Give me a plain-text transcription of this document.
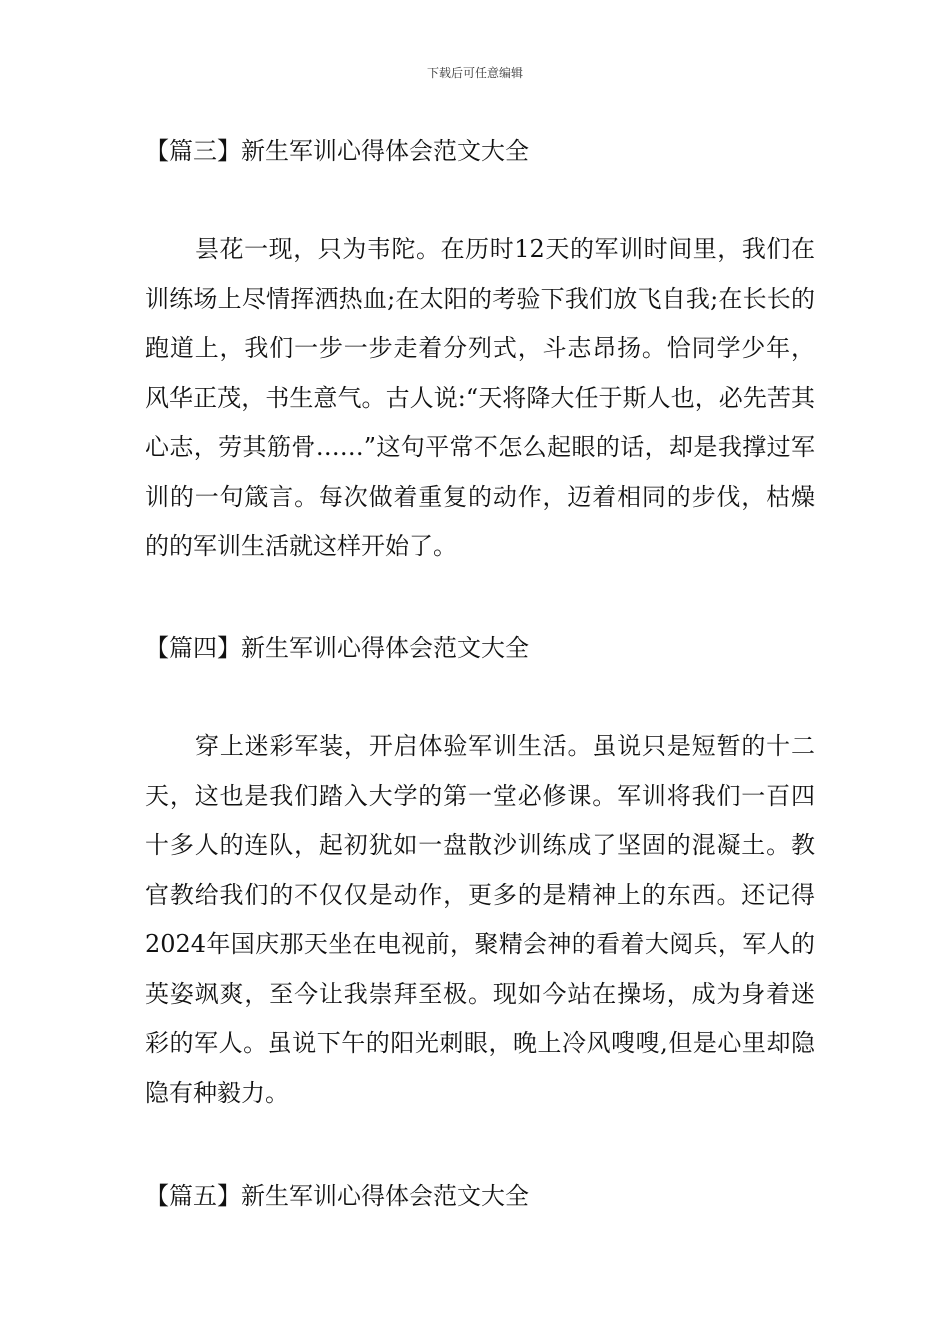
下载后可任意编辑
【篇三】新生军训心得体会范文大全
昙花一现，只为韦陀。在历时12天的军训时间里，我们在训练场上尽情挥洒热血;在太阳的考验下我们放飞自我;在长长的跑道上，我们一步一步走着分列式，斗志昂扬。恰同学少年，风华正茂，书生意气。古人说:“天将降大任于斯人也，必先苦其心志，劳其筋骨……”这句平常不怎么起眼的话，却是我撑过军训的一句箴言。每次做着重复的动作，迈着相同的步伐，枯燥的的军训生活就这样开始了。
【篇四】新生军训心得体会范文大全
穿上迷彩军装，开启体验军训生活。虽说只是短暂的十二天，这也是我们踏入大学的第一堂必修课。军训将我们一百四十多人的连队，起初犹如一盘散沙训练成了坚固的混凝土。教官教给我们的不仅仅是动作，更多的是精神上的东西。还记得2024年国庆那天坐在电视前，聚精会神的看着大阅兵，军人的英姿飒爽，至今让我崇拜至极。现如今站在操场，成为身着迷彩的军人。虽说下午的阳光刺眼，晚上冷风嗖嗖,但是心里却隐隐有种毅力。
【篇五】新生军训心得体会范文大全
